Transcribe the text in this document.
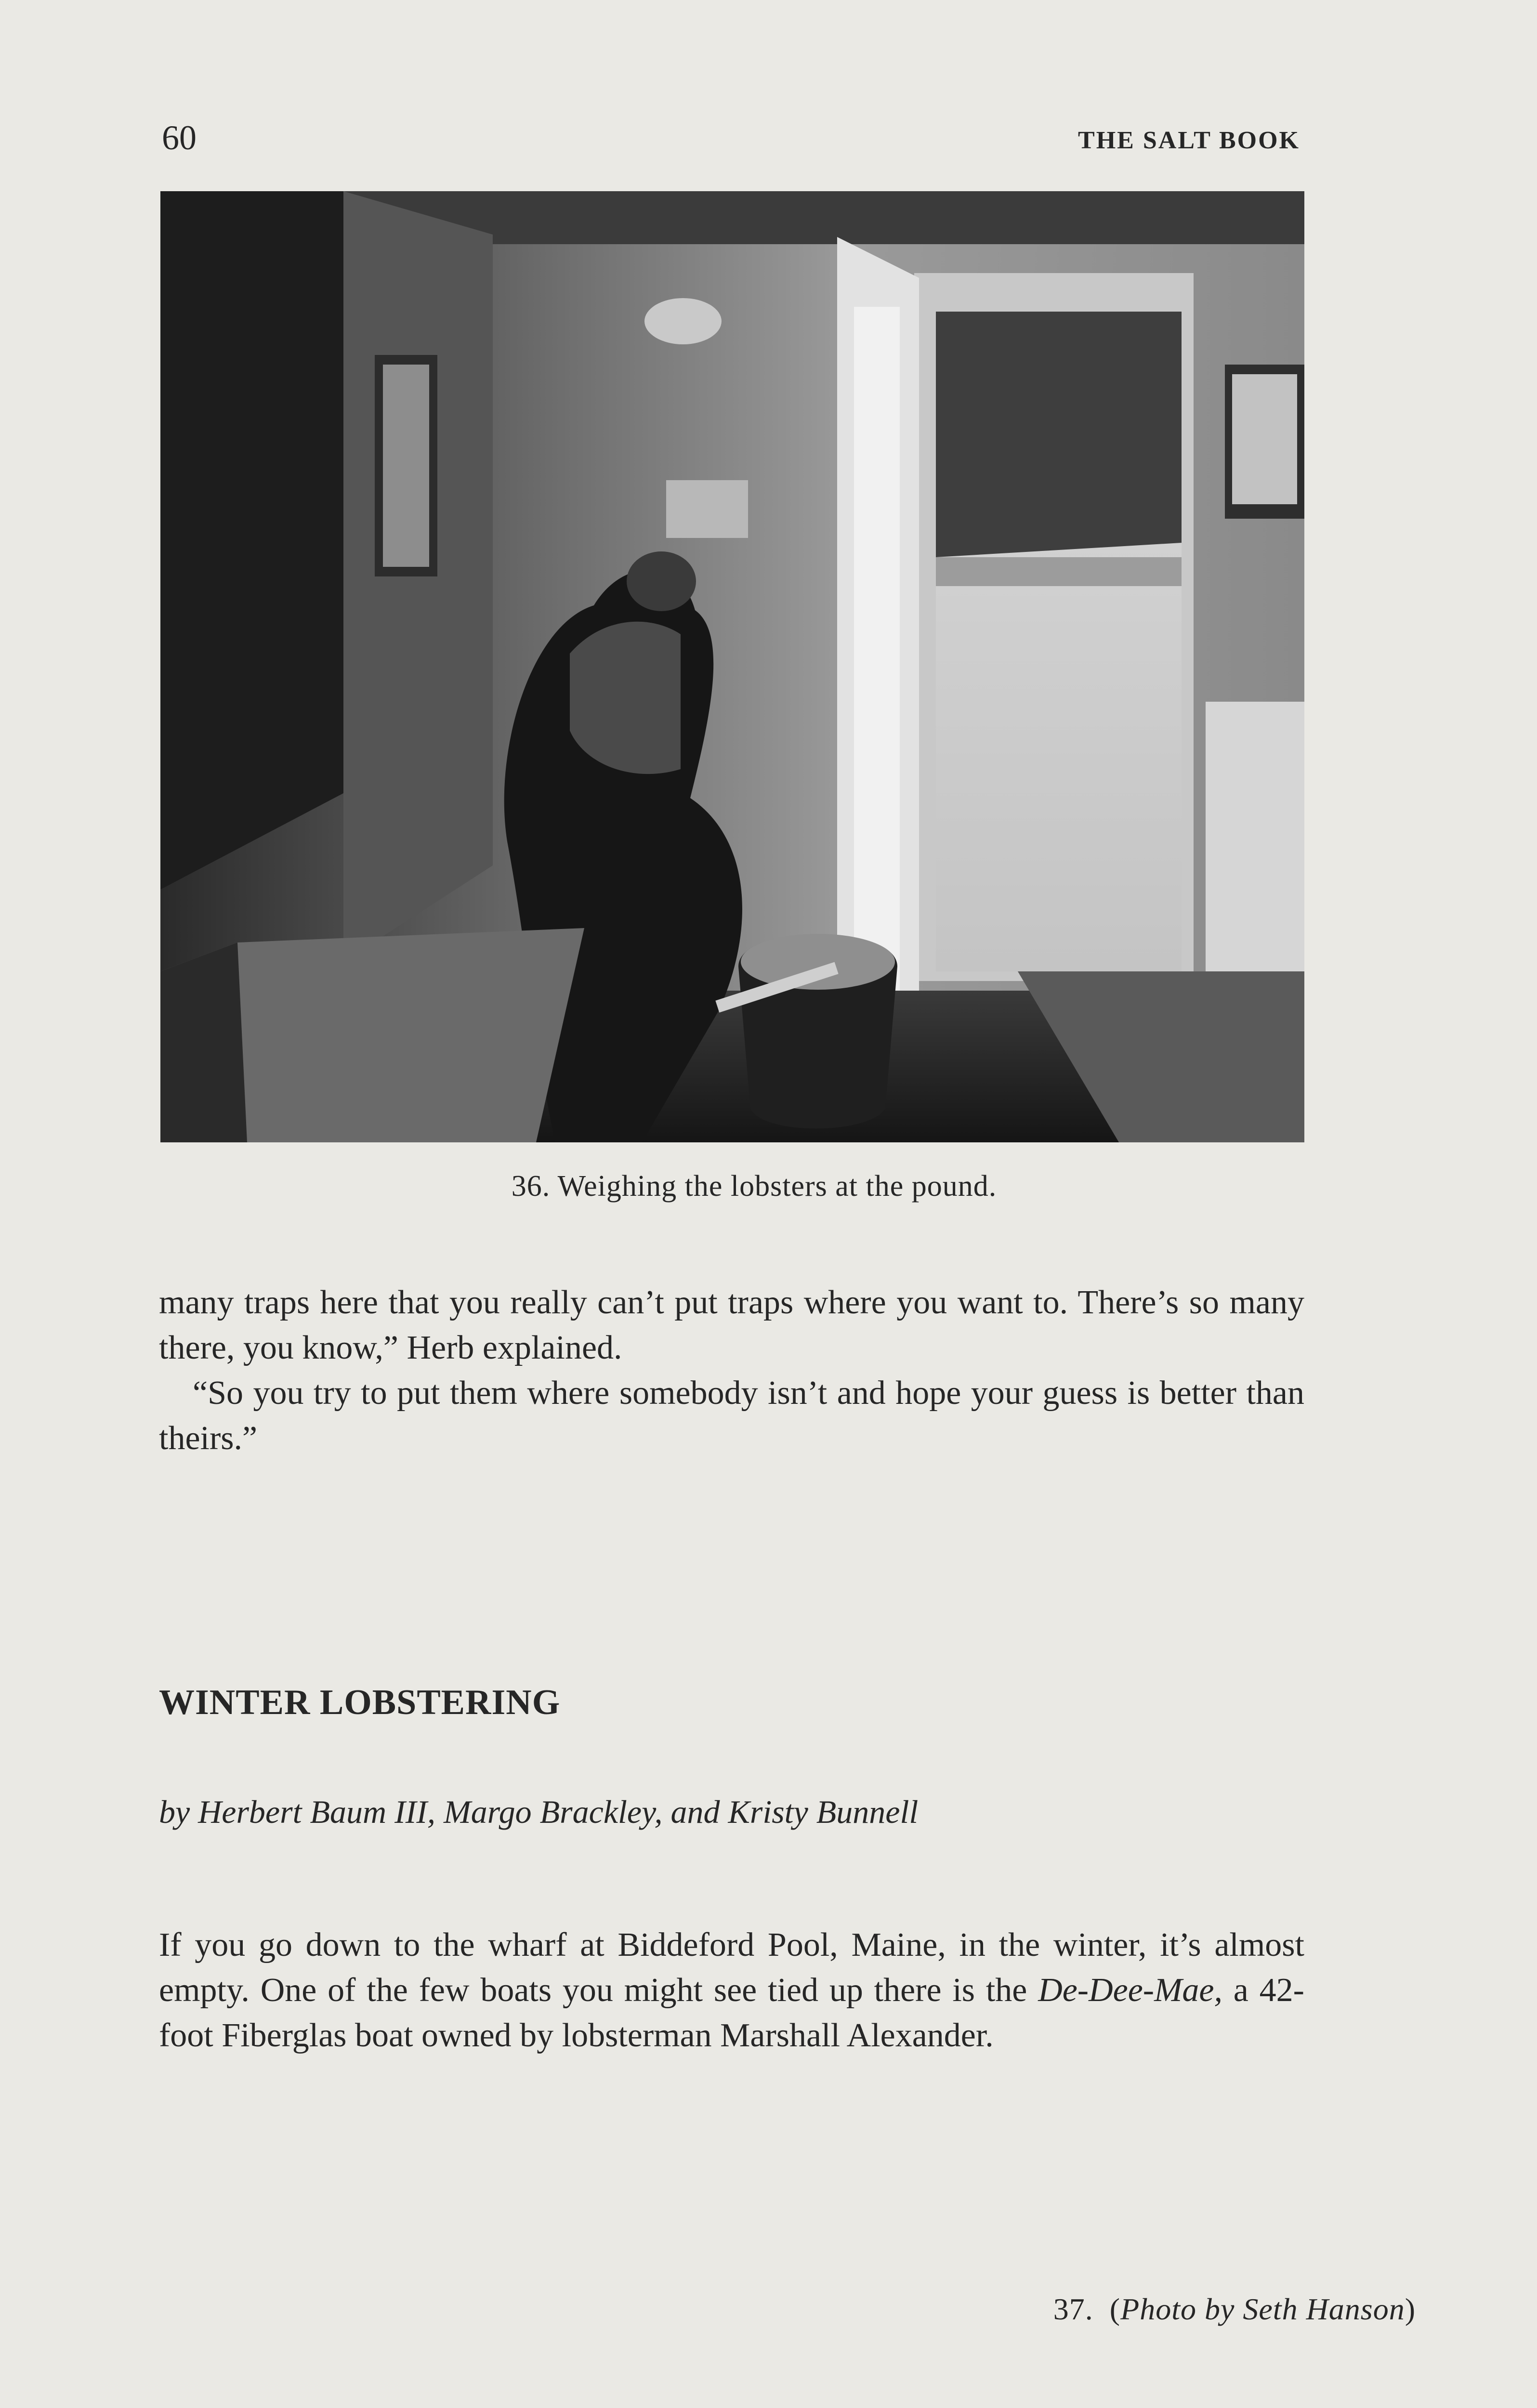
60	THE SALT BOOK
36. Weighing the lobsters at the pound.

many traps here that you really can’t put traps where you want to. There’s so many there, you know,” Herb explained.

“So you try to put them where somebody isn’t and hope your guess is better than theirs.”

WINTER LOBSTERING
by Herbert Baum III, Margo Brackley, and Kristy Bunnell

If you go down to the wharf at Biddeford Pool, Maine, in the winter, it’s almost empty. One of the few boats you might see tied up there is the De-Dee-Mae, a 42-foot Fiberglas boat owned by lobsterman Marshall Alexander.

37. (Photo by Seth Hanson)
